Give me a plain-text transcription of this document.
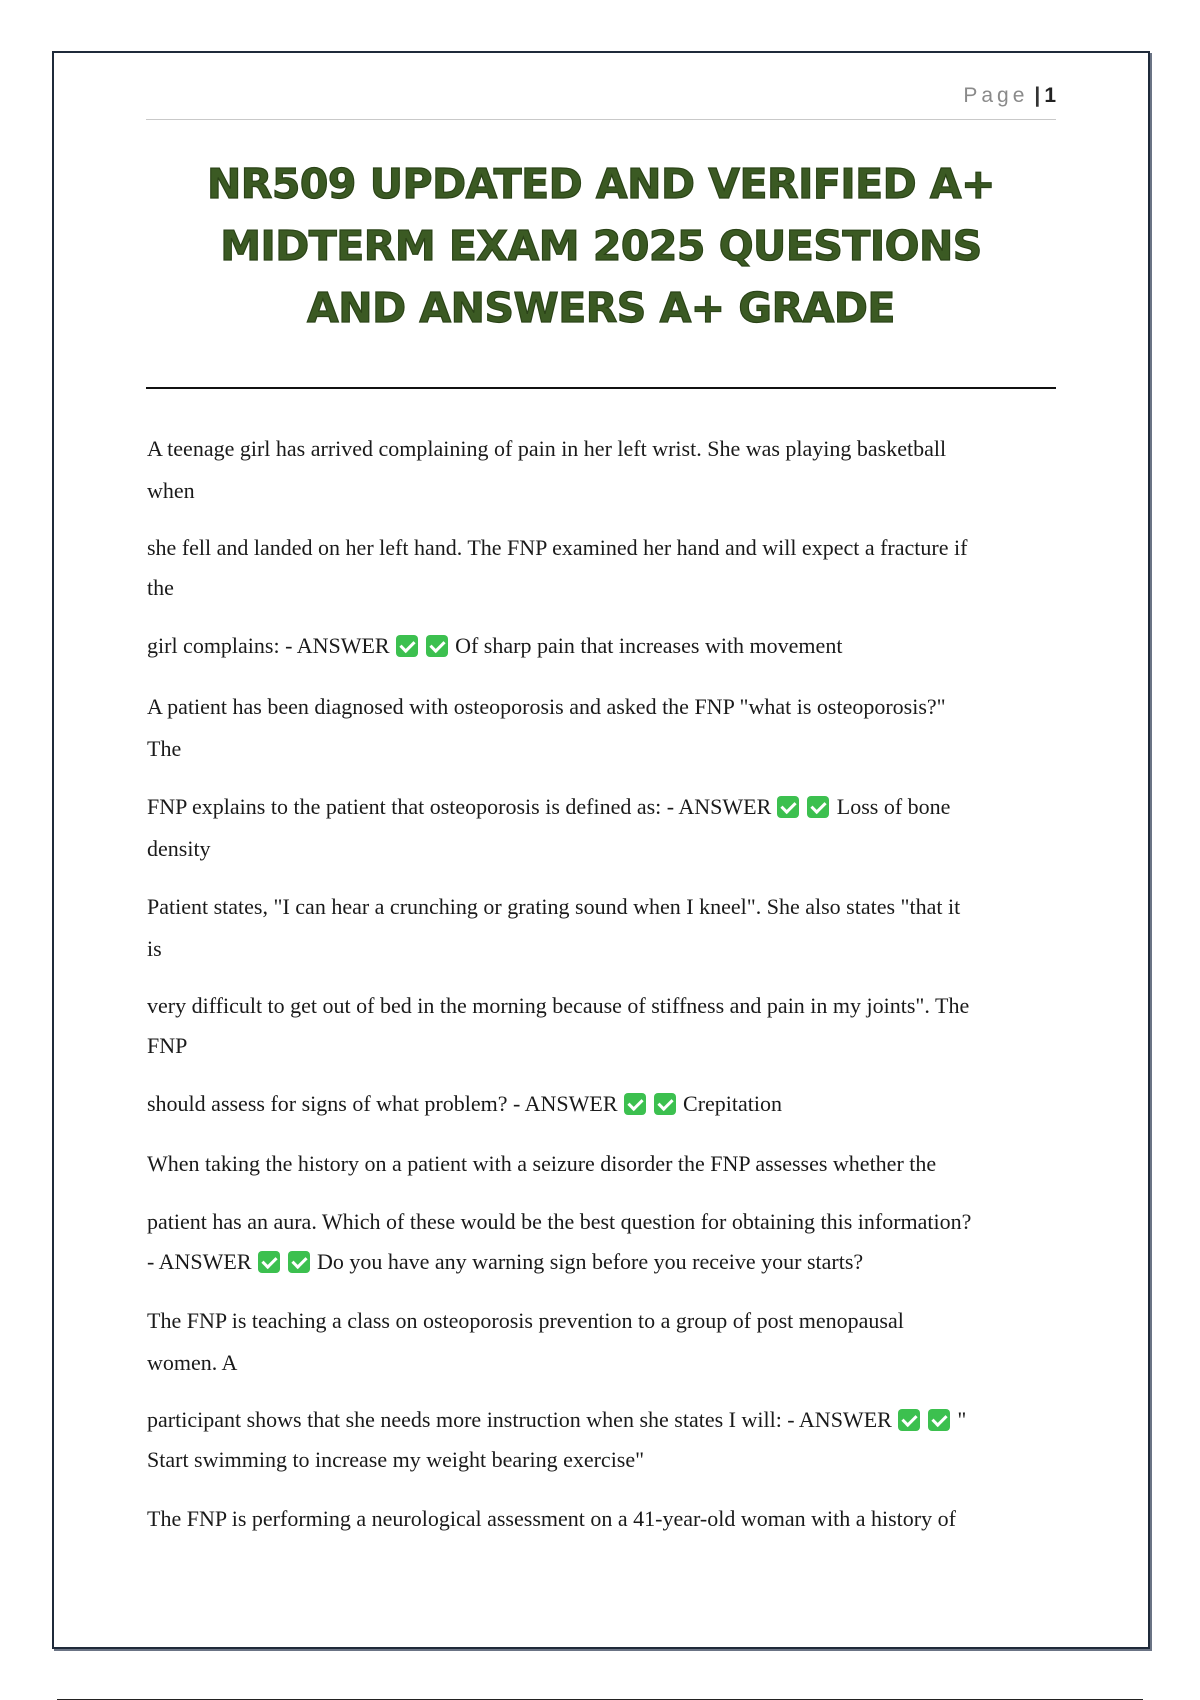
Page | 1
NR509 UPDATED AND VERIFIED A+
MIDTERM EXAM 2025 QUESTIONS
AND ANSWERS A+ GRADE

A teenage girl has arrived complaining of pain in her left wrist. She was playing basketball

when

she fell and landed on her left hand. The FNP examined her hand and will expect a fracture if

the

girl complains: - ANSWER	Of sharp pain that increases with movement

A patient has been diagnosed with osteoporosis and asked the FNP "what is osteoporosis?"

The

FNP explains to the patient that osteoporosis is defined as: - ANSWER	Loss of bone

density

Patient states, "I can hear a crunching or grating sound when I kneel". She also states "that it

is

very difficult to get out of bed in the morning because of stiffness and pain in my joints". The

FNP

should assess for signs of what problem? - ANSWER	Crepitation

When taking the history on a patient with a seizure disorder the FNP assesses whether the

patient has an aura. Which of these would be the best question for obtaining this information?

- ANSWER	Do you have any warning sign before you receive your starts?

The FNP is teaching a class on osteoporosis prevention to a group of post menopausal

women. A

participant shows that she needs more instruction when she states I will: - ANSWER	"

Start swimming to increase my weight bearing exercise"

The FNP is performing a neurological assessment on a 41-year-old woman with a history of
